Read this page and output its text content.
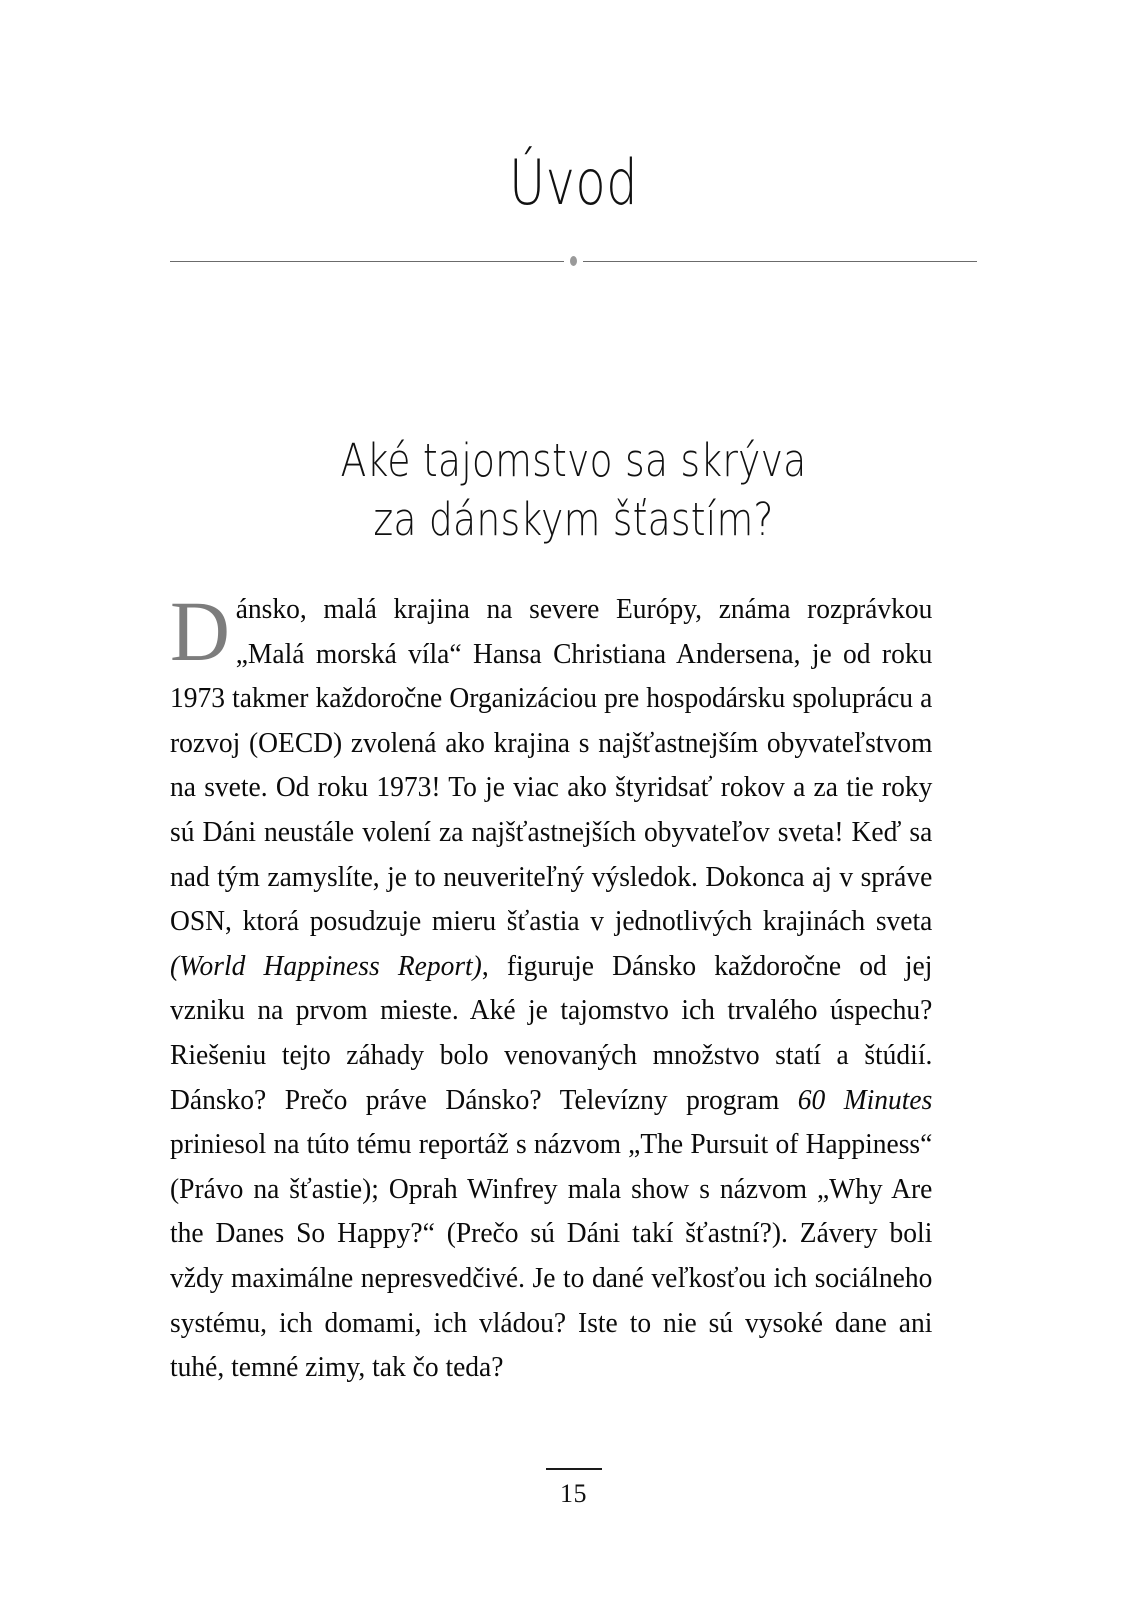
Úvod
Aké tajomstvo sa skrýva
za dánskym šťastím?

Dánsko, malá krajina na severe Európy, známa rozprávkou „Malá morská víla“ Hansa Christiana Andersena, je od roku 1973 takmer každoročne Organizáciou pre hospodársku spoluprácu a rozvoj (OECD) zvolená ako krajina s najšťastnejším obyvateľstvom na svete. Od roku 1973! To je viac ako štyridsať rokov a za tie roky sú Dáni neustále volení za najšťastnejších obyvateľov sveta! Keď sa nad tým zamyslíte, je to neuveriteľný výsledok. Dokonca aj v správe OSN, ktorá posudzuje mieru šťastia v jednotlivých krajinách sveta (World Happiness Report), figuruje Dánsko každoročne od jej vzniku na prvom mieste. Aké je tajomstvo ich trvalého úspechu? Riešeniu tejto záhady bolo venovaných množstvo statí a štúdií. Dánsko? Prečo práve Dánsko? Televízny program 60 Minutes priniesol na túto tému reportáž s názvom „The Pursuit of Happiness“ (Právo na šťastie); Oprah Winfrey mala show s názvom „Why Are the Danes So Happy?“ (Prečo sú Dáni takí šťastní?). Závery boli vždy maximálne nepresvedčivé. Je to dané veľkosťou ich sociálneho systému, ich domami, ich vládou? Iste to nie sú vysoké dane ani tuhé, temné zimy, tak čo teda?

15
